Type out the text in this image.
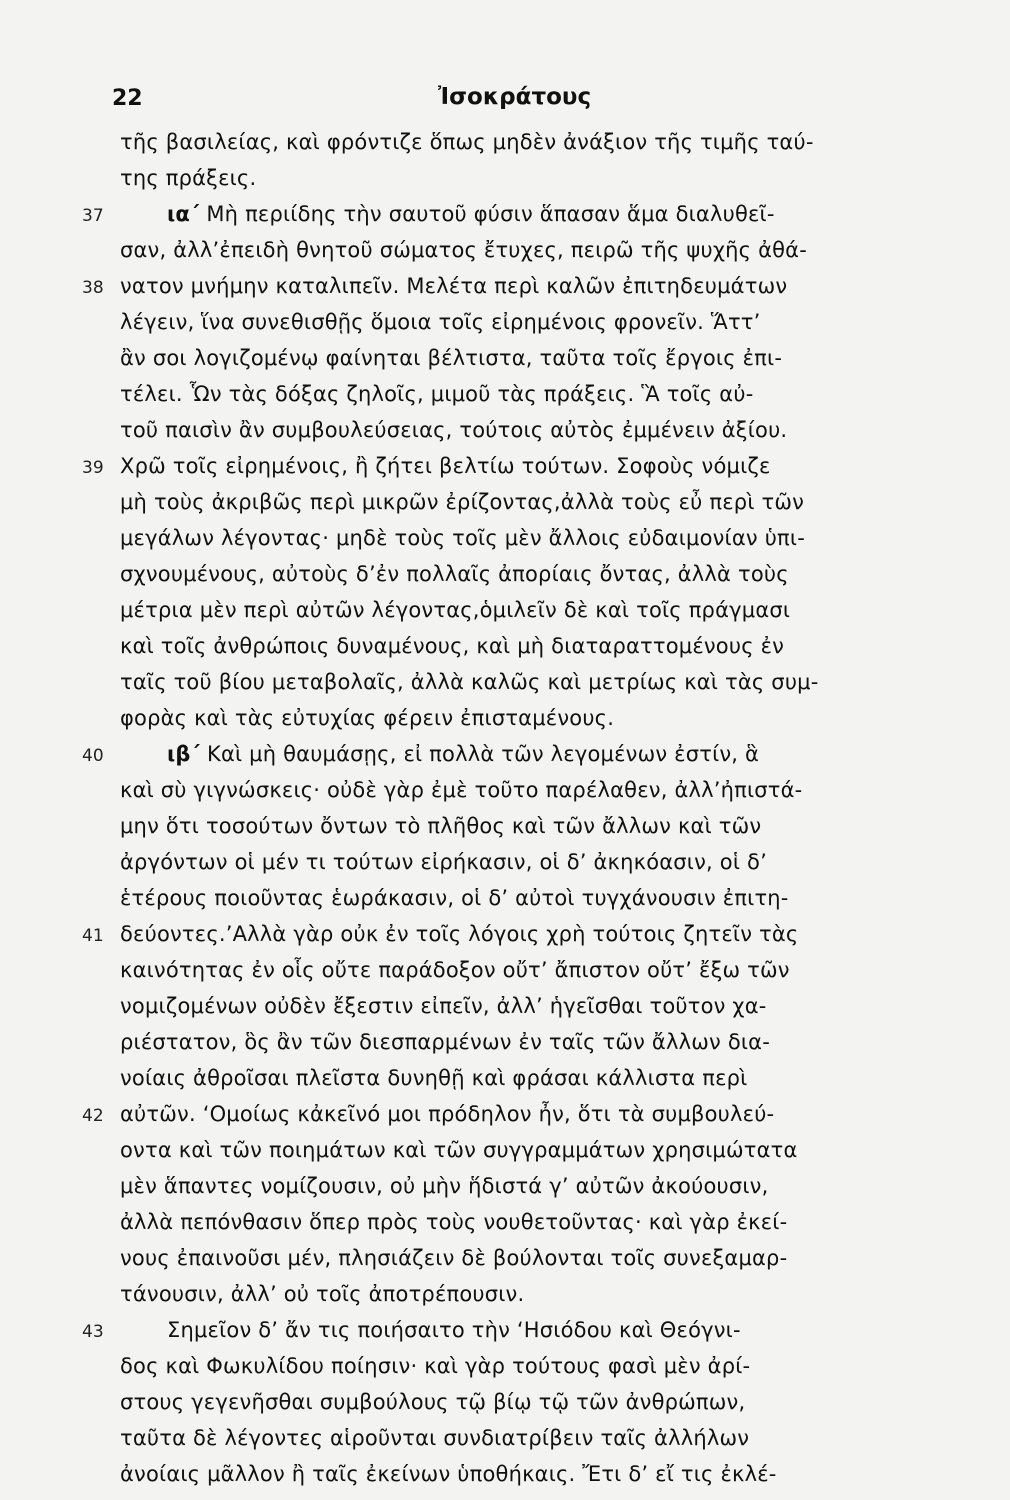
22	Ἰσοκράτους
τῆς βασιλείας, καὶ φρόντιζε ὅπως μηδὲν ἀνάξιον τῆς τιμῆς ταύ-
της πράξεις.
37	ια΄ Μὴ περιίδης τὴν σαυτοῦ φύσιν ἅπασαν ἅμα διαλυθεῖ-
σαν, ἀλλ’ἐπειδὴ θνητοῦ σώματος ἔτυχες, πειρῶ τῆς ψυχῆς ἀθά-
38 νατον μνήμην καταλιπεῖν. Μελέτα περὶ καλῶν ἐπιτηδευμάτων
λέγειν, ἵνα συνεθισθῇς ὅμοια τοῖς εἰρημένοις φρονεῖν. Ἅττ’
ἂν σοι λογιζομένῳ φαίνηται βέλτιστα, ταῦτα τοῖς ἔργοις ἐπι-
τέλει. Ὧν τὰς δόξας ζηλοῖς, μιμοῦ τὰς πράξεις. Ἃ τοῖς αὐ-
τοῦ παισὶν ἂν συμβουλεύσειας, τούτοις αὐτὸς ἐμμένειν ἀξίου.
39 Χρῶ τοῖς εἰρημένοις, ἢ ζήτει βελτίω τούτων. Σοφοὺς νόμιζε
μὴ τοὺς ἀκριβῶς περὶ μικρῶν ἐρίζοντας,ἀλλὰ τοὺς εὖ περὶ τῶν
μεγάλων λέγοντας· μηδὲ τοὺς τοῖς μὲν ἄλλοις εὐδαιμονίαν ὑπι-
σχνουμένους, αὐτοὺς δ’ἐν πολλαῖς ἀπορίαις ὄντας, ἀλλὰ τοὺς
μέτρια μὲν περὶ αὐτῶν λέγοντας,ὁμιλεῖν δὲ καὶ τοῖς πράγμασι
καὶ τοῖς ἀνθρώποις δυναμένους, καὶ μὴ διαταραττομένους ἐν
ταῖς τοῦ βίου μεταβολαῖς, ἀλλὰ καλῶς καὶ μετρίως καὶ τὰς συμ-
φορὰς καὶ τὰς εὐτυχίας φέρειν ἐπισταμένους.
40	ιβ΄ Καὶ μὴ θαυμάσῃς, εἰ πολλὰ τῶν λεγομένων ἐστίν, ἃ
καὶ σὺ γιγνώσκεις· οὐδὲ γὰρ ἐμὲ τοῦτο παρέλαθεν, ἀλλ’ἠπιστά-
μην ὅτι τοσούτων ὄντων τὸ πλῆθος καὶ τῶν ἄλλων καὶ τῶν
ἀργόντων οἱ μέν τι τούτων εἰρήκασιν, οἱ δ’ ἀκηκόασιν, οἱ δ’
ἑτέρους ποιοῦντας ἑωράκασιν, οἱ δ’ αὐτοὶ τυγχάνουσιν ἐπιτη-
41 δεύοντες.’Αλλὰ γὰρ οὐκ ἐν τοῖς λόγοις χρὴ τούτοις ζητεῖν τὰς
καινότητας ἐν οἷς οὔτε παράδοξον οὔτ’ ἄπιστον οὔτ’ ἔξω τῶν
νομιζομένων οὐδὲν ἔξεστιν εἰπεῖν, ἀλλ’ ἡγεῖσθαι τοῦτον χα-
ριέστατον, ὃς ἂν τῶν διεσπαρμένων ἐν ταῖς τῶν ἄλλων δια-
νοίαις ἀθροῖσαι πλεῖστα δυνηθῇ καὶ φράσαι κάλλιστα περὶ
42 αὐτῶν. ‘Ομοίως κἀκεῖνό μοι πρόδηλον ἦν, ὅτι τὰ συμβουλεύ-
οντα καὶ τῶν ποιημάτων καὶ τῶν συγγραμμάτων χρησιμώτατα
μὲν ἅπαντες νομίζουσιν, οὐ μὴν ἥδιστά γ’ αὐτῶν ἀκούουσιν,
ἀλλὰ πεπόνθασιν ὅπερ πρὸς τοὺς νουθετοῦντας· καὶ γὰρ ἐκεί-
νους ἐπαινοῦσι μέν, πλησιάζειν δὲ βούλονται τοῖς συνεξαμαρ-
τάνουσιν, ἀλλ’ οὐ τοῖς ἀποτρέπουσιν.
43	Σημεῖον δ’ ἄν τις ποιήσαιτο τὴν ‘Ησιόδου καὶ Θεόγνι-
δος καὶ Φωκυλίδου ποίησιν· καὶ γὰρ τούτους φασὶ μὲν ἀρί-
στους γεγενῆσθαι συμβούλους τῷ βίῳ τῷ τῶν ἀνθρώπων,
ταῦτα δὲ λέγοντες αἱροῦνται συνδιατρίβειν ταῖς ἀλλήλων
ἀνοίαις μᾶλλον ἢ ταῖς ἐκείνων ὑποθήκαις. Ἔτι δ’ εἴ τις ἐκλέ-
